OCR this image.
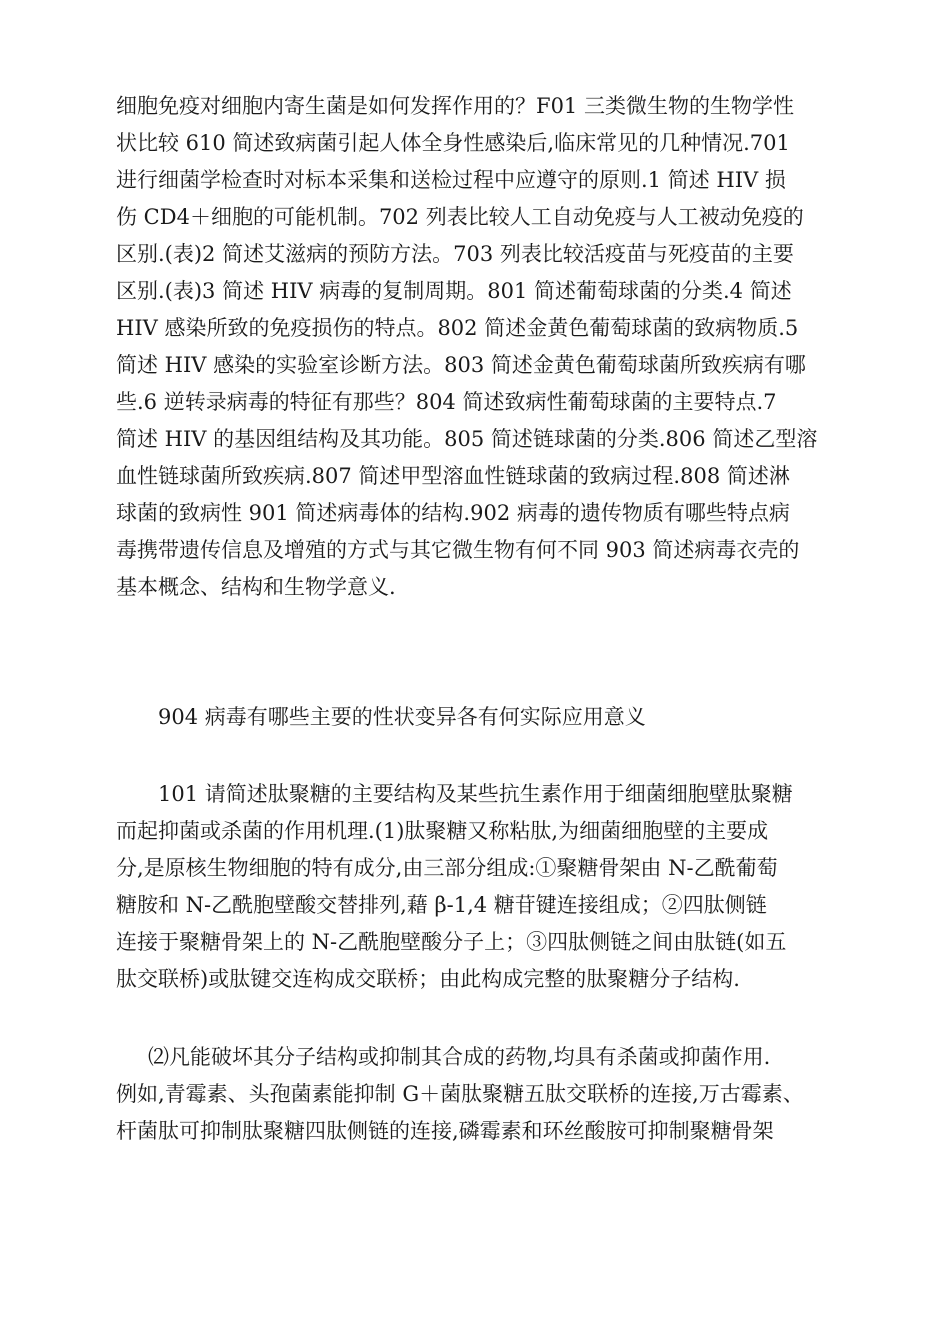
细胞免疫对细胞内寄生菌是如何发挥作用的？F01 三类微生物的生物学性
状比较 610 简述致病菌引起人体全身性感染后,临床常见的几种情况.701
进行细菌学检查时对标本采集和送检过程中应遵守的原则.1 简述 HIV 损
伤 CD4＋细胞的可能机制。702 列表比较人工自动免疫与人工被动免疫的
区别.(表)2 简述艾滋病的预防方法。703 列表比较活疫苗与死疫苗的主要
区别.(表)3 简述 HIV 病毒的复制周期。801 简述葡萄球菌的分类.4 简述
HIV 感染所致的免疫损伤的特点。802 简述金黄色葡萄球菌的致病物质.5
简述 HIV 感染的实验室诊断方法。803 简述金黄色葡萄球菌所致疾病有哪
些.6 逆转录病毒的特征有那些？804 简述致病性葡萄球菌的主要特点.7
简述 HIV 的基因组结构及其功能。805 简述链球菌的分类.806 简述乙型溶
血性链球菌所致疾病.807 简述甲型溶血性链球菌的致病过程.808 简述淋
球菌的致病性 901 简述病毒体的结构.902 病毒的遗传物质有哪些特点病
毒携带遗传信息及增殖的方式与其它微生物有何不同 903 简述病毒衣壳的
基本概念、结构和生物学意义.
904 病毒有哪些主要的性状变异各有何实际应用意义
101 请简述肽聚糖的主要结构及某些抗生素作用于细菌细胞壁肽聚糖
而起抑菌或杀菌的作用机理.(1)肽聚糖又称粘肽,为细菌细胞壁的主要成
分,是原核生物细胞的特有成分,由三部分组成:①聚糖骨架由 N-乙酰葡萄
糖胺和 N-乙酰胞壁酸交替排列,藉 β-1,4 糖苷键连接组成；②四肽侧链
连接于聚糖骨架上的 N-乙酰胞壁酸分子上；③四肽侧链之间由肽链(如五
肽交联桥)或肽键交连构成交联桥；由此构成完整的肽聚糖分子结构.
⑵凡能破坏其分子结构或抑制其合成的药物,均具有杀菌或抑菌作用.
例如,青霉素、头孢菌素能抑制 G＋菌肽聚糖五肽交联桥的连接,万古霉素、
杆菌肽可抑制肽聚糖四肽侧链的连接,磷霉素和环丝酸胺可抑制聚糖骨架
